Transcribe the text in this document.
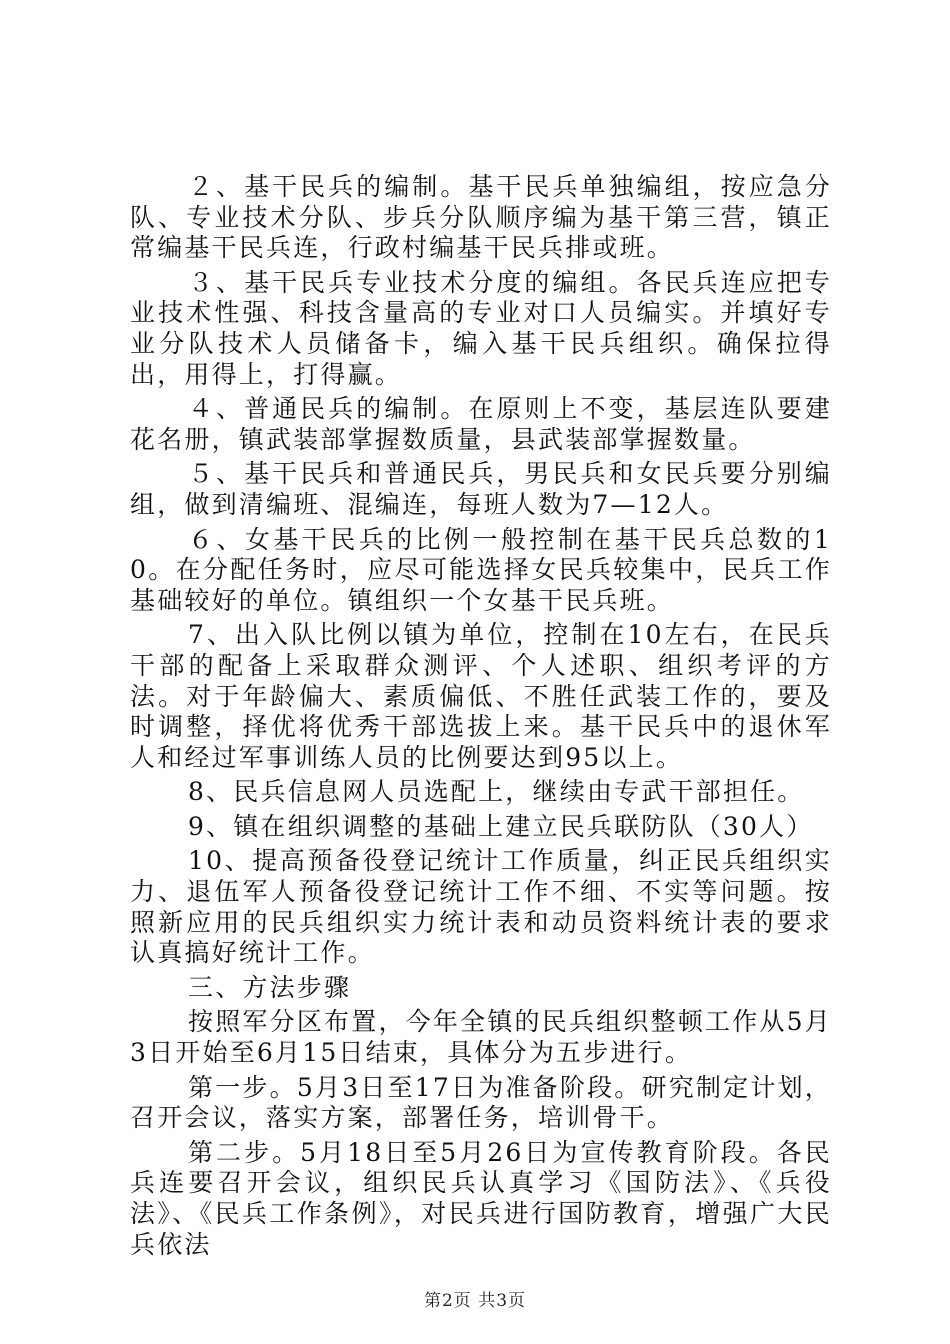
２、基干民兵的编制。基干民兵单独编组，按应急分队、专业技术分队、步兵分队顺序编为基干第三营，镇正常编基干民兵连，行政村编基干民兵排或班。

３、基干民兵专业技术分度的编组。各民兵连应把专业技术性强、科技含量高的专业对口人员编实。并填好专业分队技术人员储备卡，编入基干民兵组织。确保拉得出，用得上，打得赢。

４、普通民兵的编制。在原则上不变，基层连队要建花名册，镇武装部掌握数质量，县武装部掌握数量。

５、基干民兵和普通民兵，男民兵和女民兵要分别编组，做到清编班、混编连，每班人数为7—12人。

６、女基干民兵的比例一般控制在基干民兵总数的10。在分配任务时，应尽可能选择女民兵较集中，民兵工作基础较好的单位。镇组织一个女基干民兵班。

7、出入队比例以镇为单位，控制在10左右，在民兵干部的配备上采取群众测评、个人述职、组织考评的方法。对于年龄偏大、素质偏低、不胜任武装工作的，要及时调整，择优将优秀干部选拔上来。基干民兵中的退休军人和经过军事训练人员的比例要达到95以上。

8、民兵信息网人员选配上，继续由专武干部担任。

9、镇在组织调整的基础上建立民兵联防队（30人）

10、提高预备役登记统计工作质量，纠正民兵组织实力、退伍军人预备役登记统计工作不细、不实等问题。按照新应用的民兵组织实力统计表和动员资料统计表的要求认真搞好统计工作。

三、方法步骤

按照军分区布置，今年全镇的民兵组织整顿工作从5月3日开始至6月15日结束，具体分为五步进行。

第一步。5月3日至17日为准备阶段。研究制定计划，召开会议，落实方案，部署任务，培训骨干。

第二步。5月18日至5月26日为宣传教育阶段。各民兵连要召开会议，组织民兵认真学习《国防法》、《兵役法》、《民兵工作条例》，对民兵进行国防教育，增强广大民兵依法

第2页 共3页
